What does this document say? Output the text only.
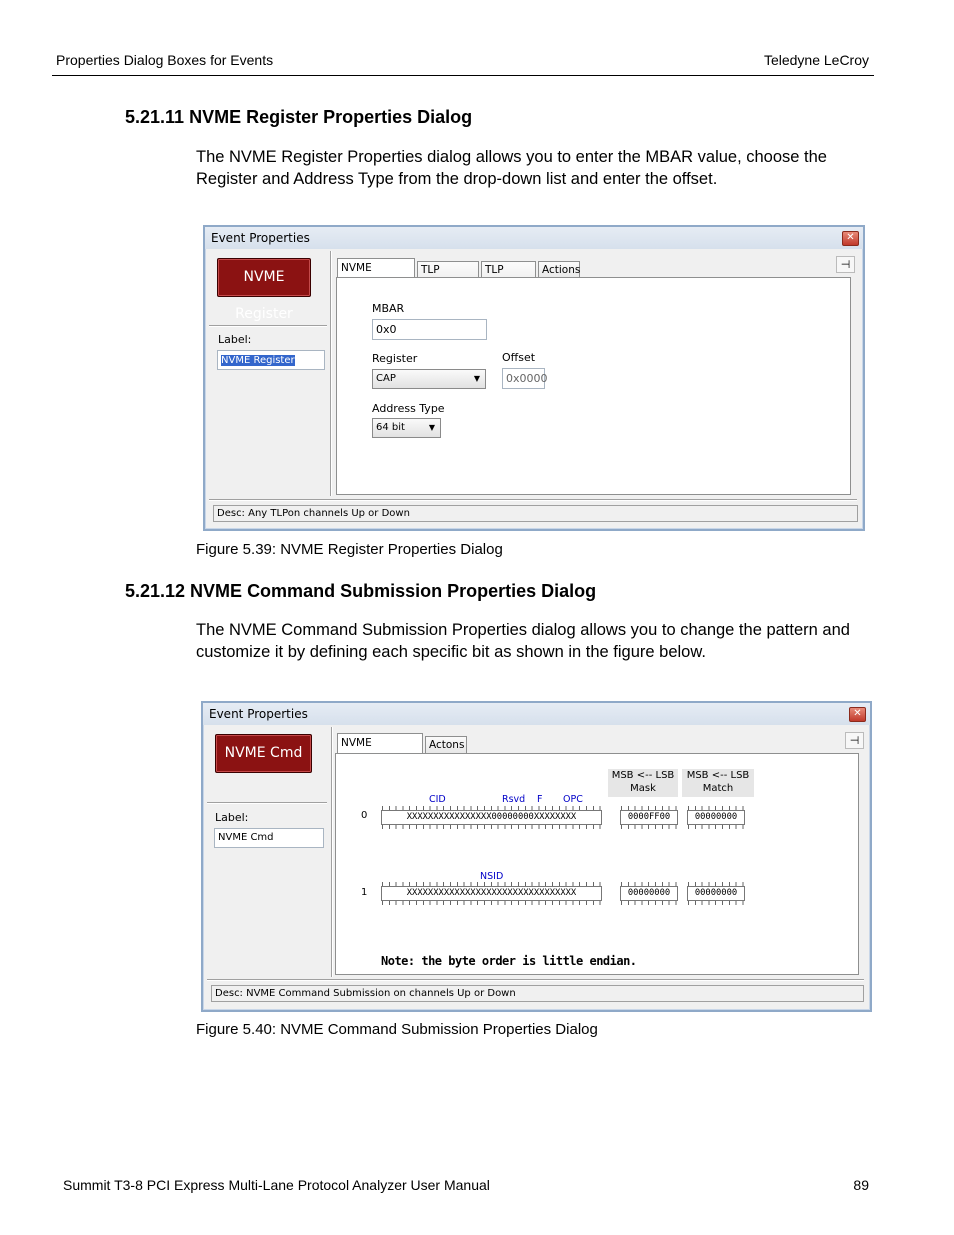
Properties Dialog Boxes for Events	Teledyne LeCroy
5.21.11 NVME Register Properties Dialog
The NVME Register Properties dialog allows you to enter the MBAR value, choose the
Register and Address Type from the drop-down list and enter the offset.
Event Properties	✕
NVME Register
Label:
NVME Register
NVME	TLP	TLP	Actions	⊣
MBAR
0x0
Register
CAP	▼
Offset
0x0000
Address Type
64 bit	▼
Desc: Any TLPon channels Up or Down
Figure 5.39: NVME Register Properties Dialog
5.21.12 NVME Command Submission Properties Dialog
The NVME Command Submission Properties dialog allows you to change the pattern and
customize it by defining each specific bit as shown in the figure below.
Event Properties	✕
NVME Cmd
Label:
NVME Cmd
NVME	Actons	⊣
MSB <-- LSB
Mask
MSB <-- LSB
Match
CID	Rsvd F OPC
0	XXXXXXXXXXXXXXXX00000000XXXXXXXX	0000FF00	00000000
NSID
1	XXXXXXXXXXXXXXXXXXXXXXXXXXXXXXXX	00000000	00000000
Note: the byte order is little endian.
Desc: NVME Command Submission on channels Up or Down
Figure 5.40: NVME Command Submission Properties Dialog
Summit T3-8 PCI Express Multi-Lane Protocol Analyzer User Manual	89
